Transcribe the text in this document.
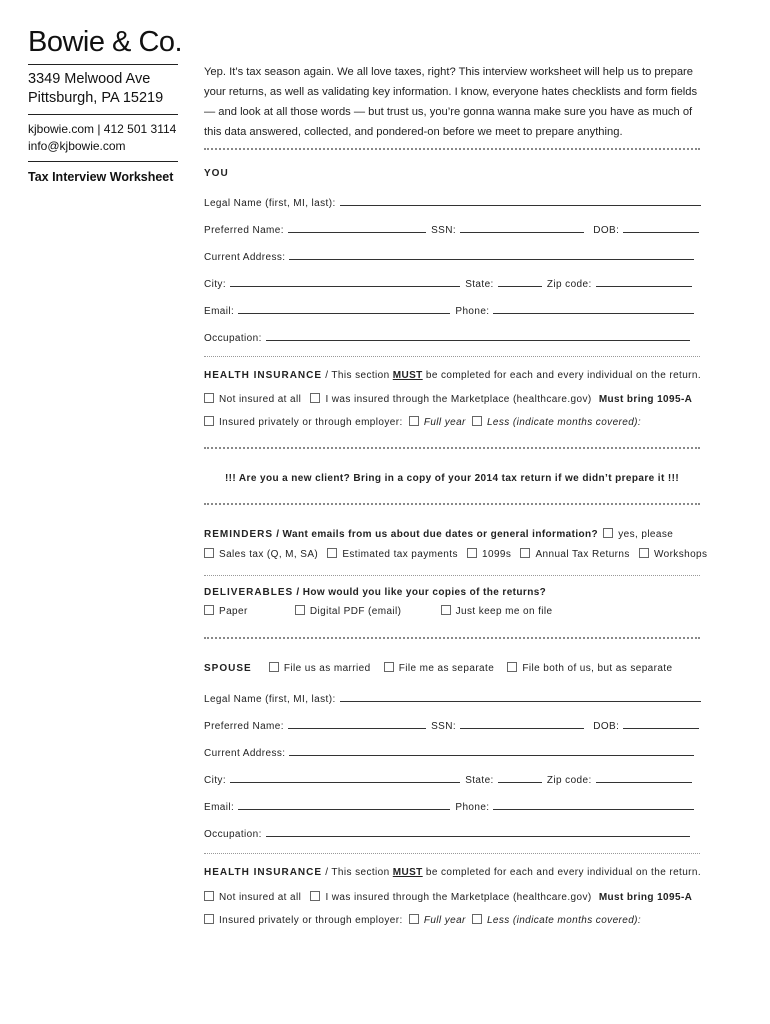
Bowie & Co.
3349 Melwood Ave
Pittsburgh, PA 15219
kjbowie.com | 412 501 3114
info@kjbowie.com
Tax Interview Worksheet
Yep. It’s tax season again. We all love taxes, right? This interview worksheet will help us to prepare your returns, as well as validating key information. I know, everyone hates checklists and form fields — and look at all those words — but trust us, you’re gonna wanna make sure you have as much of this data answered, collected, and pondered-on before we meet to prepare anything.
YOU
Legal Name (first, MI, last):
Preferred Name:	SSN:	DOB:
Current Address:
City:	State:	Zip code:
Email:	Phone:
Occupation:
HEALTH INSURANCE / This section MUST be completed for each and every individual on the return.
Not insured at all I was insured through the Marketplace (healthcare.gov) Must bring 1095-A
Insured privately or through employer: Full year Less (indicate months covered):
!!! Are you a new client? Bring in a copy of your 2014 tax return if we didn’t prepare it !!!
REMINDERS / Want emails from us about due dates or general information? yes, please
Sales tax (Q, M, SA) Estimated tax payments 1099s Annual Tax Returns Workshops
DELIVERABLES / How would you like your copies of the returns?
Paper	Digital PDF (email)	Just keep me on file
SPOUSE	File us as married	File me as separate	File both of us, but as separate
Legal Name (first, MI, last):
Preferred Name:	SSN:	DOB:
Current Address:
City:	State:	Zip code:
Email:	Phone:
Occupation:
HEALTH INSURANCE / This section MUST be completed for each and every individual on the return.
Not insured at all I was insured through the Marketplace (healthcare.gov) Must bring 1095-A
Insured privately or through employer: Full year Less (indicate months covered):
